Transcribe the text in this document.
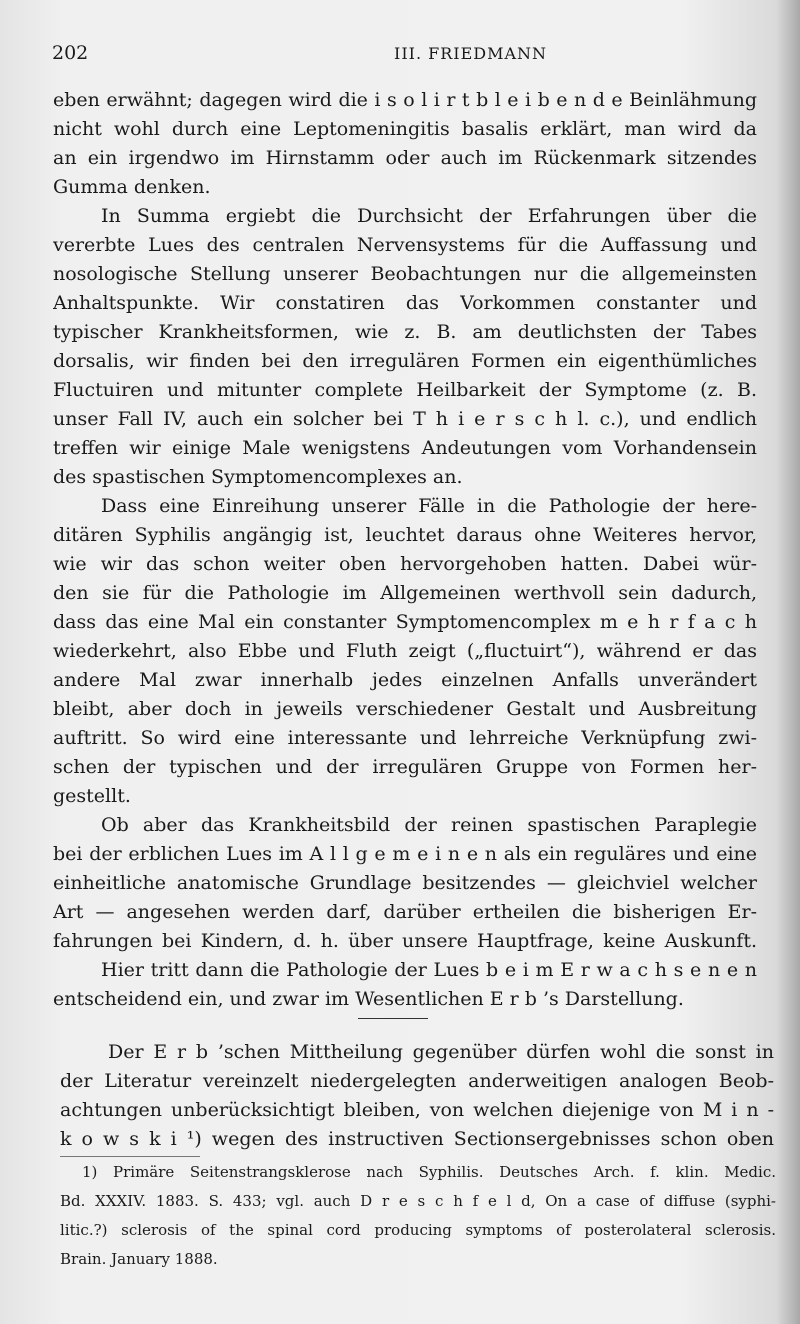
202	III. FRIEDMANN
eben erwähnt; dagegen wird die i s o l i r t b l e i b e n d e Beinlähmung
nicht wohl durch eine Leptomeningitis basalis erklärt, man wird da
an ein irgendwo im Hirnstamm oder auch im Rückenmark sitzendes
Gumma denken.
In Summa ergiebt die Durchsicht der Erfahrungen über die
vererbte Lues des centralen Nervensystems für die Auffassung und
nosologische Stellung unserer Beobachtungen nur die allgemeinsten
Anhaltspunkte. Wir constatiren das Vorkommen constanter und
typischer Krankheitsformen, wie z. B. am deutlichsten der Tabes
dorsalis, wir finden bei den irregulären Formen ein eigenthümliches
Fluctuiren und mitunter complete Heilbarkeit der Symptome (z. B.
unser Fall IV, auch ein solcher bei T h i e r s c h l. c.), und endlich
treffen wir einige Male wenigstens Andeutungen vom Vorhandensein
des spastischen Symptomencomplexes an.
Dass eine Einreihung unserer Fälle in die Pathologie der here-
ditären Syphilis angängig ist, leuchtet daraus ohne Weiteres hervor,
wie wir das schon weiter oben hervorgehoben hatten. Dabei wür-
den sie für die Pathologie im Allgemeinen werthvoll sein dadurch,
dass das eine Mal ein constanter Symptomencomplex m e h r f a c h
wiederkehrt, also Ebbe und Fluth zeigt („fluctuirt“), während er das
andere Mal zwar innerhalb jedes einzelnen Anfalls unverändert
bleibt, aber doch in jeweils verschiedener Gestalt und Ausbreitung
auftritt. So wird eine interessante und lehrreiche Verknüpfung zwi-
schen der typischen und der irregulären Gruppe von Formen her-
gestellt.
Ob aber das Krankheitsbild der reinen spastischen Paraplegie
bei der erblichen Lues im A l l g e m e i n e n als ein reguläres und eine
einheitliche anatomische Grundlage besitzendes — gleichviel welcher
Art — angesehen werden darf, darüber ertheilen die bisherigen Er-
fahrungen bei Kindern, d. h. über unsere Hauptfrage, keine Auskunft.
Hier tritt dann die Pathologie der Lues b e i m E r w a c h s e n e n
entscheidend ein, und zwar im Wesentlichen E r b ’s Darstellung.
Der E r b ’schen Mittheilung gegenüber dürfen wohl die sonst in
der Literatur vereinzelt niedergelegten anderweitigen analogen Beob-
achtungen unberücksichtigt bleiben, von welchen diejenige von M i n -
k o w s k i ¹) wegen des instructiven Sectionsergebnisses schon oben
1) Primäre Seitenstrangsklerose nach Syphilis. Deutsches Arch. f. klin. Medic.
Bd. XXXIV. 1883. S. 433; vgl. auch D r e s c h f e l d, On a case of diffuse (syphi-
litic.?) sclerosis of the spinal cord producing symptoms of posterolateral sclerosis.
Brain. January 1888.
